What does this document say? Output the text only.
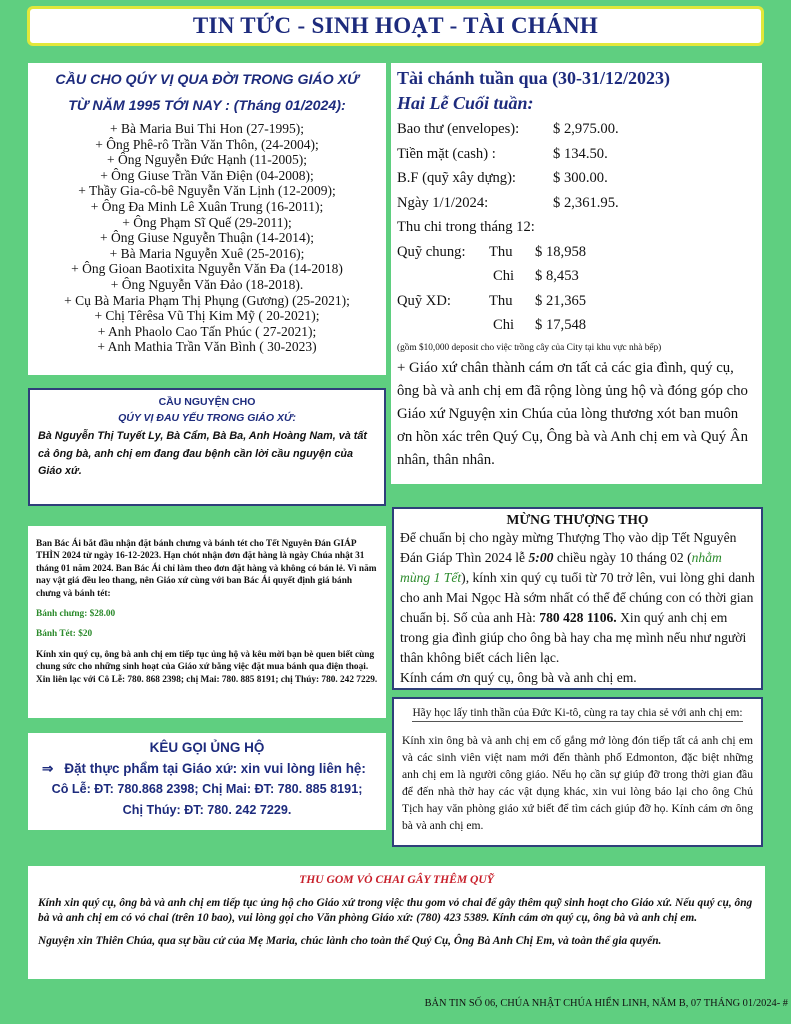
TIN TỨC - SINH HOẠT - TÀI CHÁNH
CẦU CHO QÚY VỊ QUA ĐỜI TRONG GIÁO XỨ
TỪ NĂM 1995 TỚI NAY : (Tháng 01/2024):
+ Bà Maria Bui Thi Hon (27-1995);
+ Ông Phê-rô Trần Văn Thôn, (24-2004);
+ Ông Nguyễn Đức Hạnh (11-2005);
+ Ông Giuse Trần Văn Điện (04-2008);
+ Thầy Gia-cô-bê Nguyễn Văn Lịnh (12-2009);
+ Ông Đa Minh Lê Xuân Trung (16-2011);
+ Ông Phạm Sĩ Quế (29-2011);
+ Ông Giuse Nguyễn Thuận (14-2014);
+ Bà Maria Nguyễn Xuê (25-2016);
+ Ông Gioan Baotixita Nguyễn Văn Đa (14-2018)
+ Ông Nguyễn Văn Đảo (18-2018).
+ Cụ Bà Maria Phạm Thị Phụng (Gương) (25-2021);
+ Chị Têrêsa Vũ Thị Kim Mỹ ( 20-2021);
+ Anh Phaolo Cao Tấn Phúc ( 27-2021);
+ Anh Mathia Trần Văn Bình ( 30-2023)
CẦU NGUYỆN CHO
QÚY VỊ ĐAU YẾU TRONG GIÁO XỨ:

Bà Nguyễn Thị Tuyết Ly, Bà Cẩm, Bà Ba, Anh Hoàng Nam, và tất cả ông bà, anh chị em đang đau bệnh cần lời cầu nguyện của Giáo xứ.

Tài chánh tuần qua (30-31/12/2023)
Hai Lễ Cuối tuần:
Bao thư (envelopes): $ 2,975.00.
Tiền mặt (cash) :	$ 134.50.
B.F (quỹ xây dựng):	$ 300.00.
Ngày 1/1/2024:	$ 2,361.95.
Thu chi trong tháng 12:
Quỹ chung: Thu $ 18,958
Chi $ 8,453
Quỹ XD:	Thu $ 21,365
Chi $ 17,548
(gồm $10,000 deposit cho việc trồng cây của City tại khu vực nhà bếp)
+ Giáo xứ chân thành cám ơn tất cả các gia đình, quý cụ, ông bà và anh chị em đã rộng lòng ủng hộ và đóng góp cho Giáo xứ Nguyện xin Chúa của lòng thương xót ban muôn ơn hồn xác trên Quý Cụ, Ông bà và Anh chị em và Quý Ân nhân, thân nhân.

Ban Bác Ái bắt đầu nhận đặt bánh chưng và bánh tét cho Tết Nguyên Đán GIÁP THÌN 2024 từ ngày 16-12-2023. Hạn chót nhận đơn đặt hàng là ngày Chúa nhật 31 tháng 01 năm 2024. Ban Bác Ái chỉ làm theo đơn đặt hàng và không có bán lẻ. Vì năm nay vật giá đều leo thang, nên Giáo xứ cùng với ban Bác Ái quyết định giá bánh chưng và bánh tét:

Bánh chưng: $28.00

Bánh Tét: $20

Kính xin quý cụ, ông bà anh chị em tiếp tục ủng hộ và kêu mời bạn bè quen biết cùng chung sức cho những sinh hoạt của Giáo xứ bằng việc đặt mua bánh qua điện thoại. Xin liên lạc với Cô Lễ: 780. 868 2398; chị Mai: 780. 885 8191; chị Thúy: 780. 242 7229.

MỪNG THƯỢNG THỌ

Để chuẩn bị cho ngày mừng Thượng Thọ vào dịp Tết Nguyên Đán Giáp Thìn 2024 lễ 5:00 chiều ngày 10 tháng 02 (nhằm mùng 1 Tết), kính xin quý cụ tuổi từ 70 trở lên, vui lòng ghi danh cho anh Mai Ngọc Hà sớm nhất có thể để chúng con có thời gian chuẩn bị. Số của anh Hà: 780 428 1106. Xin quý anh chị em trong gia đình giúp cho ông bà hay cha mẹ mình nếu như người thân không biết cách liên lạc.

Kính cám ơn quý cụ, ông bà và anh chị em.

Hãy học lấy tinh thần của Đức Ki-tô, cùng ra tay chia sẻ với anh chị em:

Kính xin ông bà và anh chị em cố gắng mở lòng đón tiếp tất cả anh chị em và các sinh viên việt nam mới đến thành phố Edmonton, đặc biệt những anh chị em là người công giáo. Nếu họ cần sự giúp đỡ trong thời gian đầu để đến nhà thờ hay các vật dụng khác, xin vui lòng báo lại cho ông Chủ Tịch hay văn phòng giáo xứ biết để tìm cách giúp đỡ họ. Kính cám ơn ông bà và anh chị em.

KÊU GỌI ỦNG HỘ
⇒ Đặt thực phẩm tại Giáo xứ: xin vui lòng liên hệ:
Cô Lễ: ĐT: 780.868 2398; Chị Mai: ĐT: 780. 885 8191;
Chị Thúy: ĐT: 780. 242 7229.
THU GOM VỎ CHAI GÂY THÊM QUỸ

Kính xin quý cụ, ông bà và anh chị em tiếp tục ủng hộ cho Giáo xứ trong việc thu gom vỏ chai để gây thêm quỹ sinh hoạt cho Giáo xứ. Nếu quý cụ, ông bà và anh chị em có vỏ chai (trên 10 bao), vui lòng gọi cho Văn phòng Giáo xứ: (780) 423 5389. Kính cám ơn quý cụ, ông bà và anh chị em.

Nguyện xin Thiên Chúa, qua sự bầu cử của Mẹ Maria, chúc lành cho toàn thể Quý Cụ, Ông Bà Anh Chị Em, và toàn thể gia quyến.

BẢN TIN SỐ 06, CHÚA NHẬT CHÚA HIỂN LINH, NĂM B, 07 THÁNG 01/2024- #
